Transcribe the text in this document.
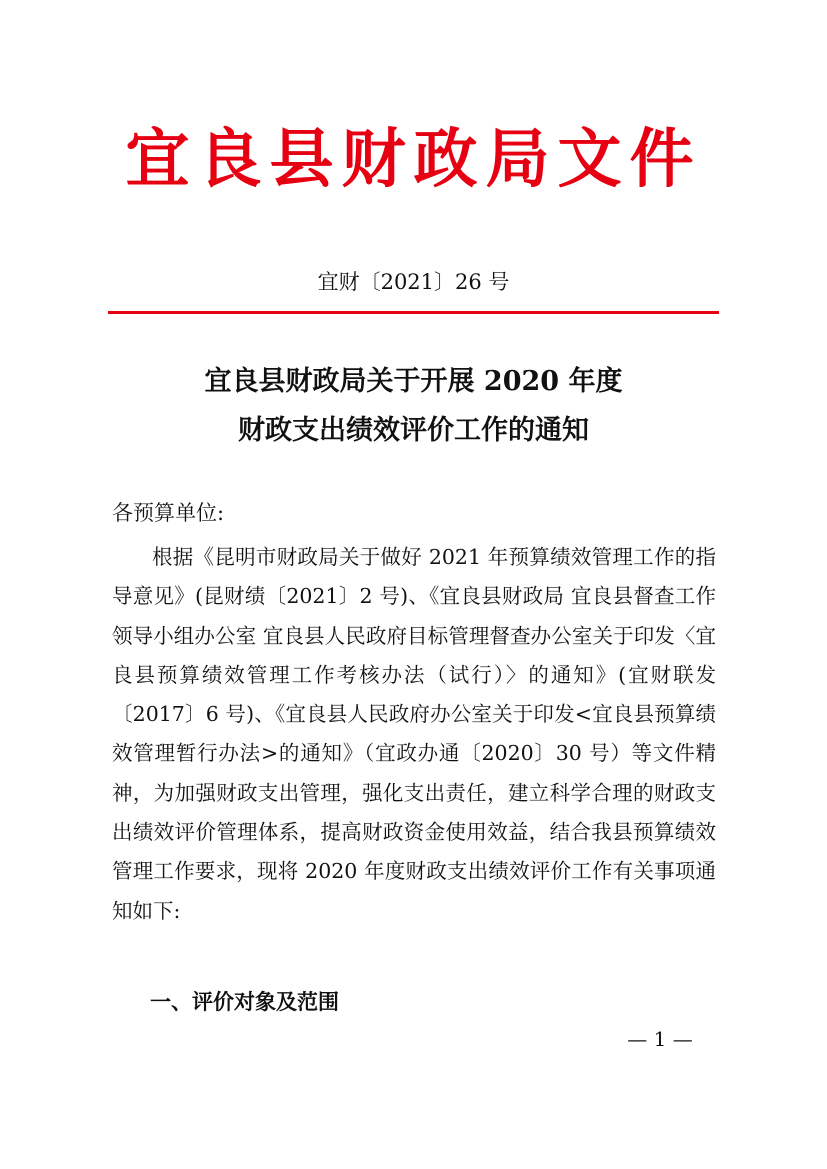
宜良县财政局文件
宜财〔2021〕26 号
宜良县财政局关于开展 2020 年度
财政支出绩效评价工作的通知
各预算单位:

根据《昆明市财政局关于做好 2021 年预算绩效管理工作的指导意见》(昆财绩〔2021〕2 号)、《宜良县财政局 宜良县督查工作领导小组办公室 宜良县人民政府目标管理督查办公室关于印发〈宜良县预算绩效管理工作考核办法（试行）〉的通知》(宜财联发〔2017〕6 号)、《宜良县人民政府办公室关于印发<宜良县预算绩效管理暂行办法>的通知》（宜政办通〔2020〕30 号）等文件精神，为加强财政支出管理，强化支出责任，建立科学合理的财政支出绩效评价管理体系，提高财政资金使用效益，结合我县预算绩效管理工作要求，现将 2020 年度财政支出绩效评价工作有关事项通知如下:

一、评价对象及范围
— 1 —
